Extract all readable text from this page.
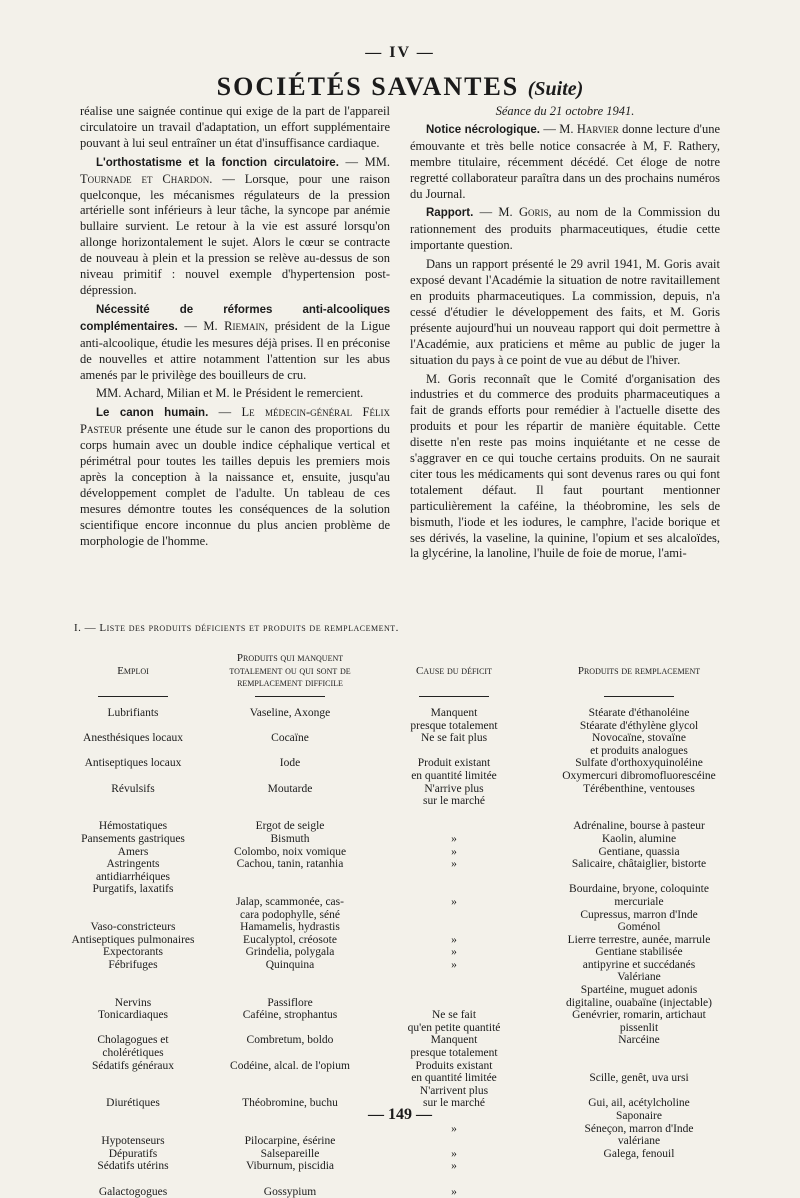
— IV —
SOCIÉTÉS SAVANTES (Suite)

réalise une saignée continue qui exige de la part de l'appareil circulatoire un travail d'adaptation, un effort supplémentaire pouvant à lui seul entraîner un état d'insuffisance cardiaque.

L'orthostatisme et la fonction circulatoire. — MM. Tournade et Chardon. — Lorsque, pour une raison quelconque, les mécanismes régulateurs de la pression artérielle sont inférieurs à leur tâche, la syncope par anémie bullaire survient. Le retour à la vie est assuré lorsqu'on allonge horizontalement le sujet. Alors le cœur se contracte de nouveau à plein et la pression se relève au-dessus de son niveau primitif : nouvel exemple d'hypertension post-dépression.

Nécessité de réformes anti-alcooliques complémentaires. — M. Riemain, président de la Ligue anti-alcoolique, étudie les mesures déjà prises. Il en préconise de nouvelles et attire notamment l'attention sur les abus amenés par le privilège des bouilleurs de cru.

MM. Achard, Milian et M. le Président le remercient.

Le canon humain. — Le médecin-général Félix Pasteur présente une étude sur le canon des proportions du corps humain avec un double indice céphalique vertical et périmétral pour toutes les tailles depuis les premiers mois après la conception à la naissance et, ensuite, jusqu'au développement complet de l'adulte. Un tableau de ces mesures démontre toutes les conséquences de la solution scientifique encore inconnue du plus ancien problème de morphologie de l'homme.

Séance du 21 octobre 1941.

Notice nécrologique. — M. Harvier donne lecture d'une émouvante et très belle notice consacrée à M, F. Rathery, membre titulaire, récemment décédé. Cet éloge de notre regretté collaborateur paraîtra dans un des prochains numéros du Journal.

Rapport. — M. Goris, au nom de la Commission du rationnement des produits pharmaceutiques, étudie cette importante question.

Dans un rapport présenté le 29 avril 1941, M. Goris avait exposé devant l'Académie la situation de notre ravitaillement en produits pharmaceutiques. La commission, depuis, n'a cessé d'étudier le développement des faits, et M. Goris présente aujourd'hui un nouveau rapport qui doit permettre à l'Académie, aux praticiens et même au public de juger la situation du pays à ce point de vue au début de l'hiver.

M. Goris reconnaît que le Comité d'organisation des industries et du commerce des produits pharmaceutiques a fait de grands efforts pour remédier à l'actuelle disette des produits et pour les répartir de manière équitable. Cette disette n'en reste pas moins inquiétante et ne cesse de s'aggraver en ce qui touche certains produits. On ne saurait citer tous les médicaments qui sont devenus rares ou qui font totalement défaut. Il faut pourtant mentionner particulièrement la caféine, la théobromine, les sels de bismuth, l'iode et les iodures, le camphre, l'acide borique et ses dérivés, la vaseline, la quinine, l'opium et ses alcaloïdes, la glycérine, la lanoline, l'huile de foie de morue, l'ami-

I. — Liste des produits déficients et produits de remplacement.
Emploi
Lubrifiants

Anesthésiques locaux

Antiseptiques locaux

Révulsifs

Hémostatiques
Pansements gastriques
Amers
Astringents
antidiarrhéiques
Purgatifs, laxatifs

Vaso-constricteurs
Antiseptiques pulmonaires
Expectorants
Fébrifuges

Nervins
Tonicardiaques

Cholagogues et
cholérétiques
Sédatifs généraux

Diurétiques

Hypotenseurs
Dépuratifs
Sédatifs utérins

Galactogogues
Produits qui manquent totalement ou qui sont de remplacement difficile
Vaseline, Axonge

Cocaïne

Iode

Moutarde

Ergot de seigle
Bismuth
Colombo, noix vomique
Cachou, tanin, ratanhia

Jalap, scammonée, cas-
cara podophylle, séné
Hamamelis, hydrastis
Eucalyptol, créosote
Grindelia, polygala
Quinquina

Passiflore
Caféine, strophantus

Combretum, boldo

Codéine, alcal. de l'opium

Théobromine, buchu

Pilocarpine, ésérine
Salsepareille
Viburnum, piscidia

Gossypium
Cause du déficit
Manquent
presque totalement
Ne se fait plus

Produit existant
en quantité limitée
N'arrive plus
sur le marché

»
»
»

»

»
»
»

Ne se fait
qu'en petite quantité
Manquent
presque totalement
Produits existant
en quantité limitée
N'arrivent plus
sur le marché

»

»
»

»
Produits de remplacement
Stéarate d'éthanoléine
Stéarate d'éthylène glycol
Novocaïne, stovaïne
et produits analogues
Sulfate d'orthoxyquinoléine
Oxymercuri dibromofluorescéine
Térébenthine, ventouses

Adrénaline, bourse à pasteur
Kaolin, alumine
Gentiane, quassia
Salicaire, châtaiglier, bistorte

Bourdaine, bryone, coloquinte
mercuriale
Cupressus, marron d'Inde
Goménol
Lierre terrestre, aunée, marrule
Gentiane stabilisée
antipyrine et succédanés
Valériane
Spartéine, muguet adonis
digitaline, ouabaïne (injectable)
Genévrier, romarin, artichaut
pissenlit
Narcéine

Scille, genêt, uva ursi

Gui, ail, acétylcholine
Saponaire
Séneçon, marron d'Inde
valériane
Galega, fenouil
— 149 —
